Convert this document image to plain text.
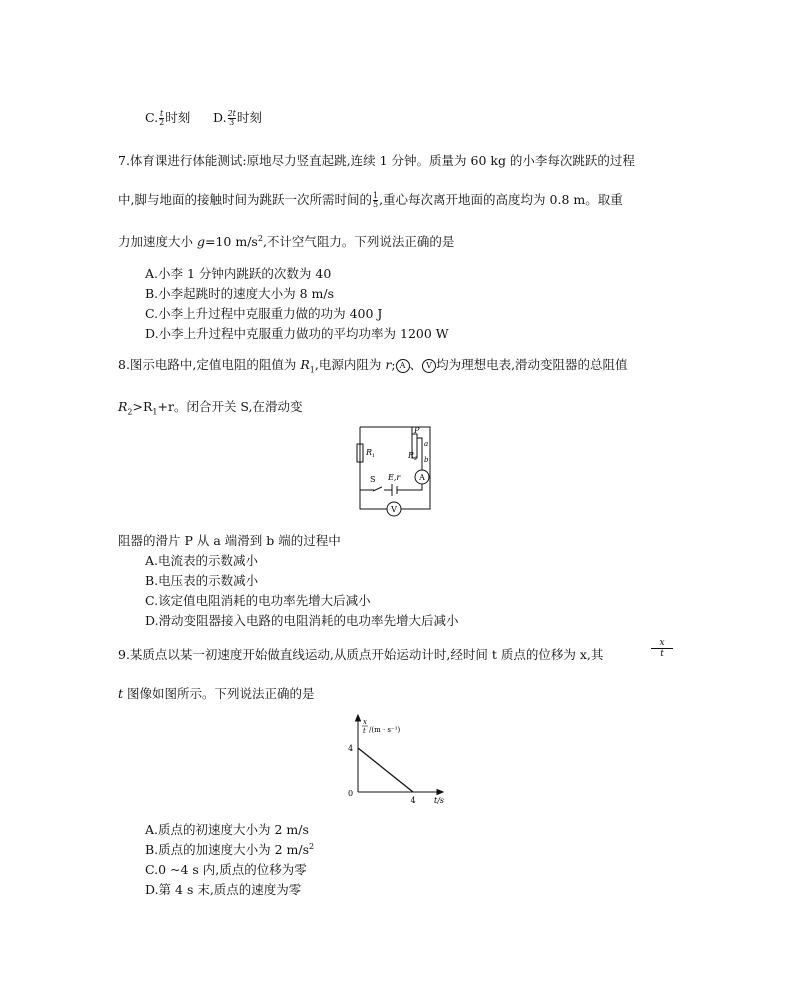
C. $\frac{t}{2}$ 时刻 D. $\frac{2t}{3}$ 时刻
7.体育课进行体能测试:原地尽力竖直起跳,连续 1 分钟。质量为 60 kg 的小李每次跳跃的过程
中,脚与地面的接触时间为跳跃一次所需时间的 $\frac{1}{5}$ ,重心每次离开地面的高度均为 0.8 m。取重
力加速度大小 g=10 $m/s^2$,不计空气阻力。下列说法正确的是
A.小李 1 分钟内跳跃的次数为 40
B.小李起跳时的速度大小为 8 m/s
C.小李上升过程中克服重力做的功为 400 J
D.小李上升过程中克服重力做功的平均功率为 1200 W
8.图示电路中,定值电阻的阻值为 $R_1$,电源内阻为 r; A 、 V 均为理想电表,滑动变阻器的总阻值
$R_2>R_1+r$。闭合开关 S,在滑动变
$R_1$
P
a
b
$R_2$
S E,r A
V
阻器的滑片 P 从 a 端滑到 b 端的过程中
A.电流表的示数减小
B.电压表的示数减小
C.该定值电阻消耗的电功率先增大后减小
D.滑动变阻器接入电路的电阻消耗的电功率先增大后减小
9.某质点以某一初速度开始做直线运动,从质点开始运动计时,经时间 t 质点的位移为 x,其	$\frac{x}{t}$
t 图像如图所示。下列说法正确的是
x
t /(m · s⁻¹)
4
0
4 t/s
A.质点的初速度大小为 2 m/s
B.质点的加速度大小为 2 $m/s^2$
C.0 ~4 s 内,质点的位移为零
D.第 4 s 末,质点的速度为零
